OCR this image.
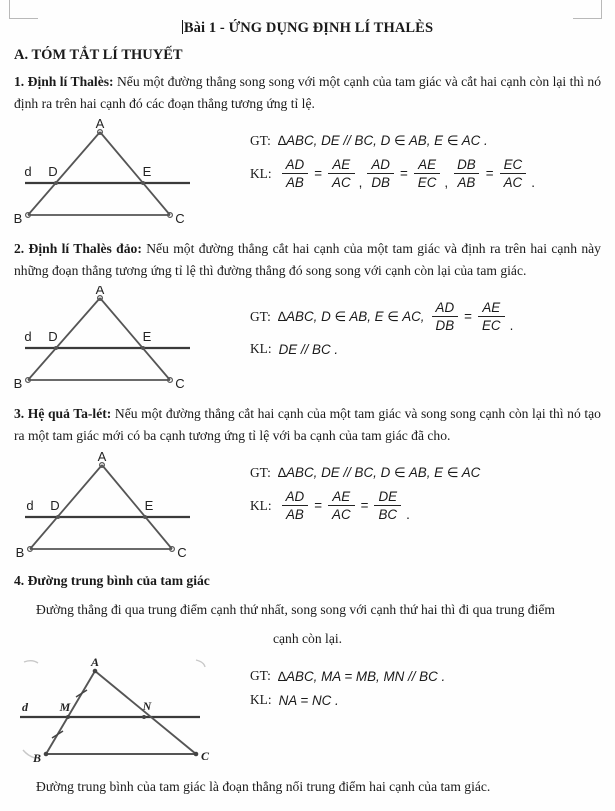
Bài 1 - ỨNG DỤNG ĐỊNH LÍ THALÈS
A. TÓM TẮT LÍ THUYẾT
1. Định lí Thalès: Nếu một đường thẳng song song với một cạnh của tam giác và cắt hai cạnh còn lại thì nó định ra trên hai cạnh đó các đoạn thẳng tương ứng tỉ lệ.
A
B	C
D	E
d
GT: ∆ABC, DE // BC, D ∈ AB, E ∈ AC .
KL: $\frac{AD}{AB} = \frac{AE}{AC}$ , $\frac{AD}{DB} = \frac{AE}{EC}$ , $\frac{DB}{AB} = \frac{EC}{AC}$ .
2. Định lí Thalès đảo: Nếu một đường thẳng cắt hai cạnh của một tam giác và định ra trên hai cạnh này những đoạn thẳng tương ứng tỉ lệ thì đường thẳng đó song song với cạnh còn lại của tam giác.
A
B	C
D	E
d
GT: ∆ABC, D ∈ AB, E ∈ AC, $\frac{AD}{DB} = \frac{AE}{EC}$ .
KL: DE // BC .
3. Hệ quả Ta-lét: Nếu một đường thẳng cắt hai cạnh của một tam giác và song song cạnh còn lại thì nó tạo ra một tam giác mới có ba cạnh tương ứng tỉ lệ với ba cạnh của tam giác đã cho.
A
B	C
D	E
d
GT: ∆ABC, DE // BC, D ∈ AB, E ∈ AC
KL: $\frac{AD}{AB} = \frac{AE}{AC} = \frac{DE}{BC}$ .
4. Đường trung bình của tam giác
Đường thẳng đi qua trung điểm cạnh thứ nhất, song song với cạnh thứ hai thì đi qua trung điểm
cạnh còn lại.
A
B	C
M	N
d
GT: ∆ABC, MA = MB, MN // BC .
KL: NA = NC .
Đường trung bình của tam giác là đoạn thẳng nối trung điểm hai cạnh của tam giác.
